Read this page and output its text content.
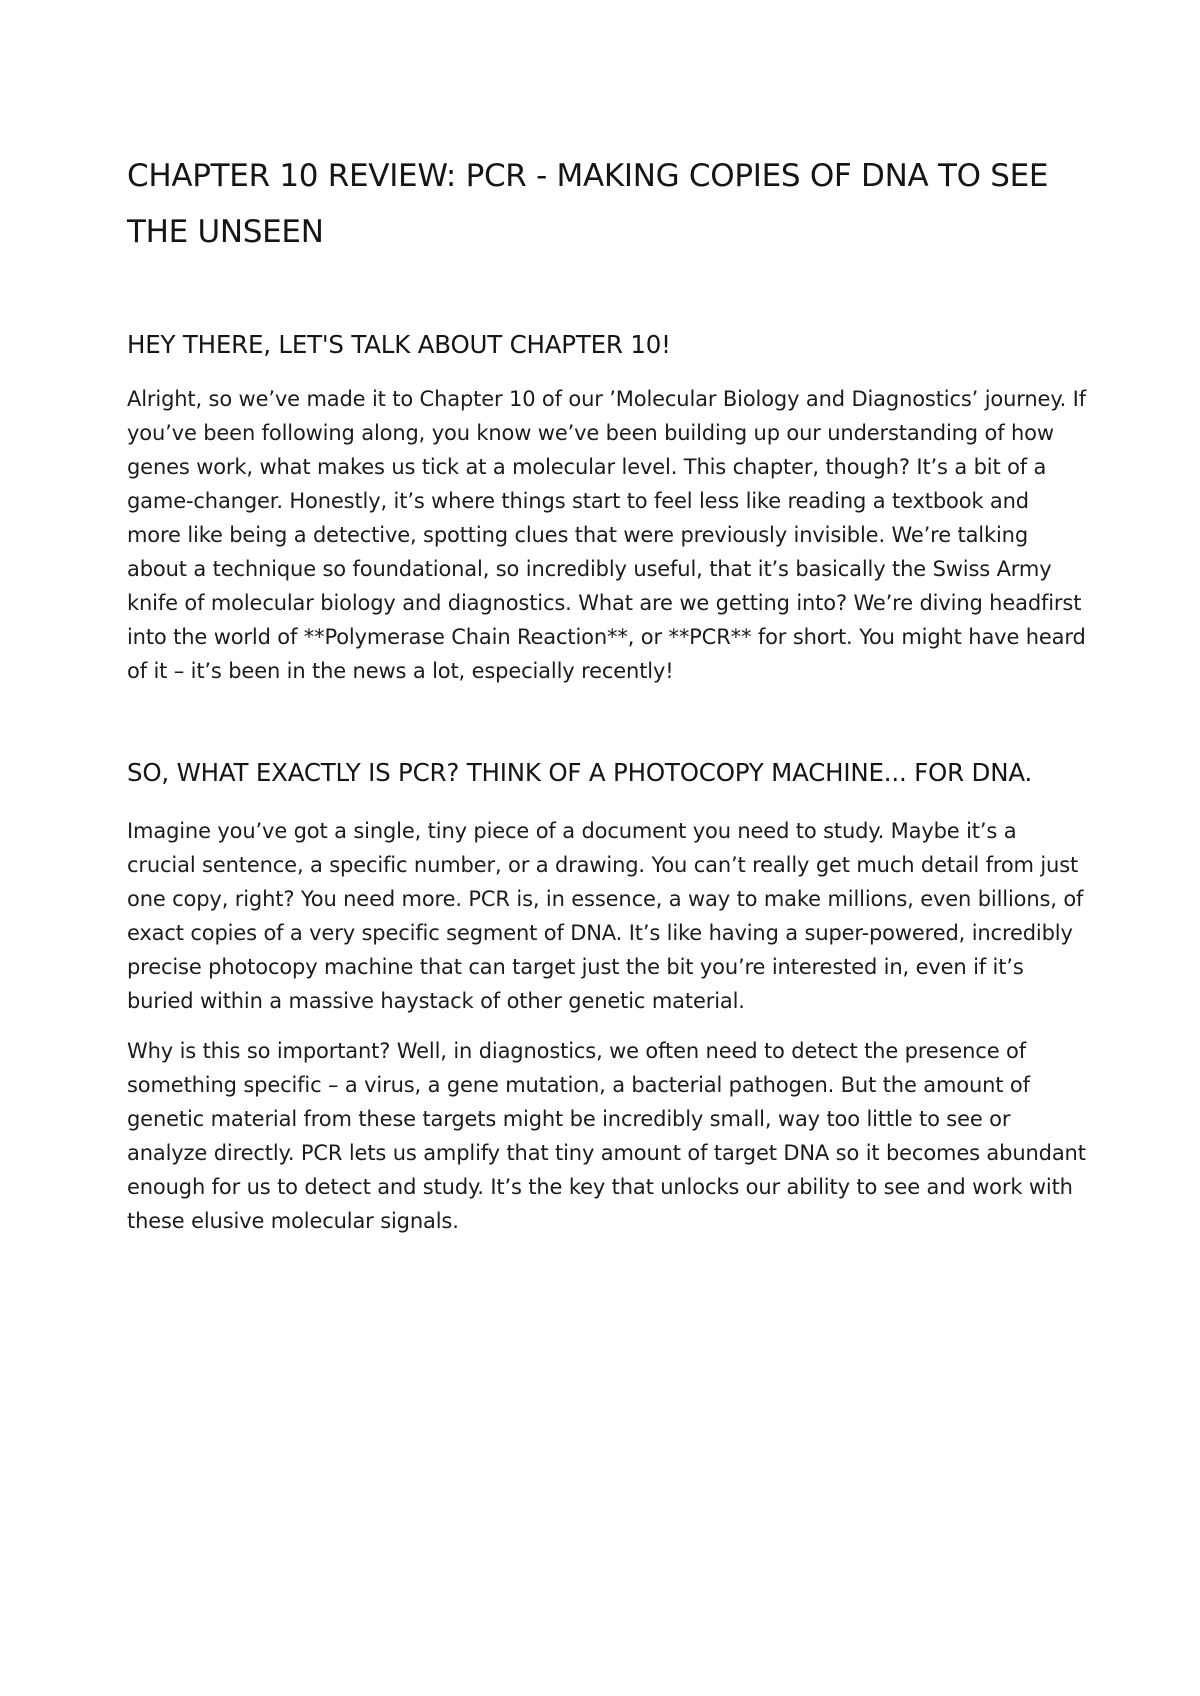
CHAPTER 10 REVIEW: PCR - MAKING COPIES OF DNA TO SEE THE UNSEEN
HEY THERE, LET'S TALK ABOUT CHAPTER 10!

Alright, so we’ve made it to Chapter 10 of our ’Molecular Biology and Diagnostics’ journey. If you’ve been following along, you know we’ve been building up our understanding of how genes work, what makes us tick at a molecular level. This chapter, though? It’s a bit of a game-changer. Honestly, it’s where things start to feel less like reading a textbook and more like being a detective, spotting clues that were previously invisible. We’re talking about a technique so foundational, so incredibly useful, that it’s basically the Swiss Army knife of molecular biology and diagnostics. What are we getting into? We’re diving headfirst into the world of **Polymerase Chain Reaction**, or **PCR** for short. You might have heard of it – it’s been in the news a lot, especially recently!

SO, WHAT EXACTLY IS PCR? THINK OF A PHOTOCOPY MACHINE... FOR DNA.

Imagine you’ve got a single, tiny piece of a document you need to study. Maybe it’s a crucial sentence, a specific number, or a drawing. You can’t really get much detail from just one copy, right? You need more. PCR is, in essence, a way to make millions, even billions, of exact copies of a very specific segment of DNA. It’s like having a super-powered, incredibly precise photocopy machine that can target just the bit you’re interested in, even if it’s buried within a massive haystack of other genetic material.

Why is this so important? Well, in diagnostics, we often need to detect the presence of something specific – a virus, a gene mutation, a bacterial pathogen. But the amount of genetic material from these targets might be incredibly small, way too little to see or analyze directly. PCR lets us amplify that tiny amount of target DNA so it becomes abundant enough for us to detect and study. It’s the key that unlocks our ability to see and work with these elusive molecular signals.
